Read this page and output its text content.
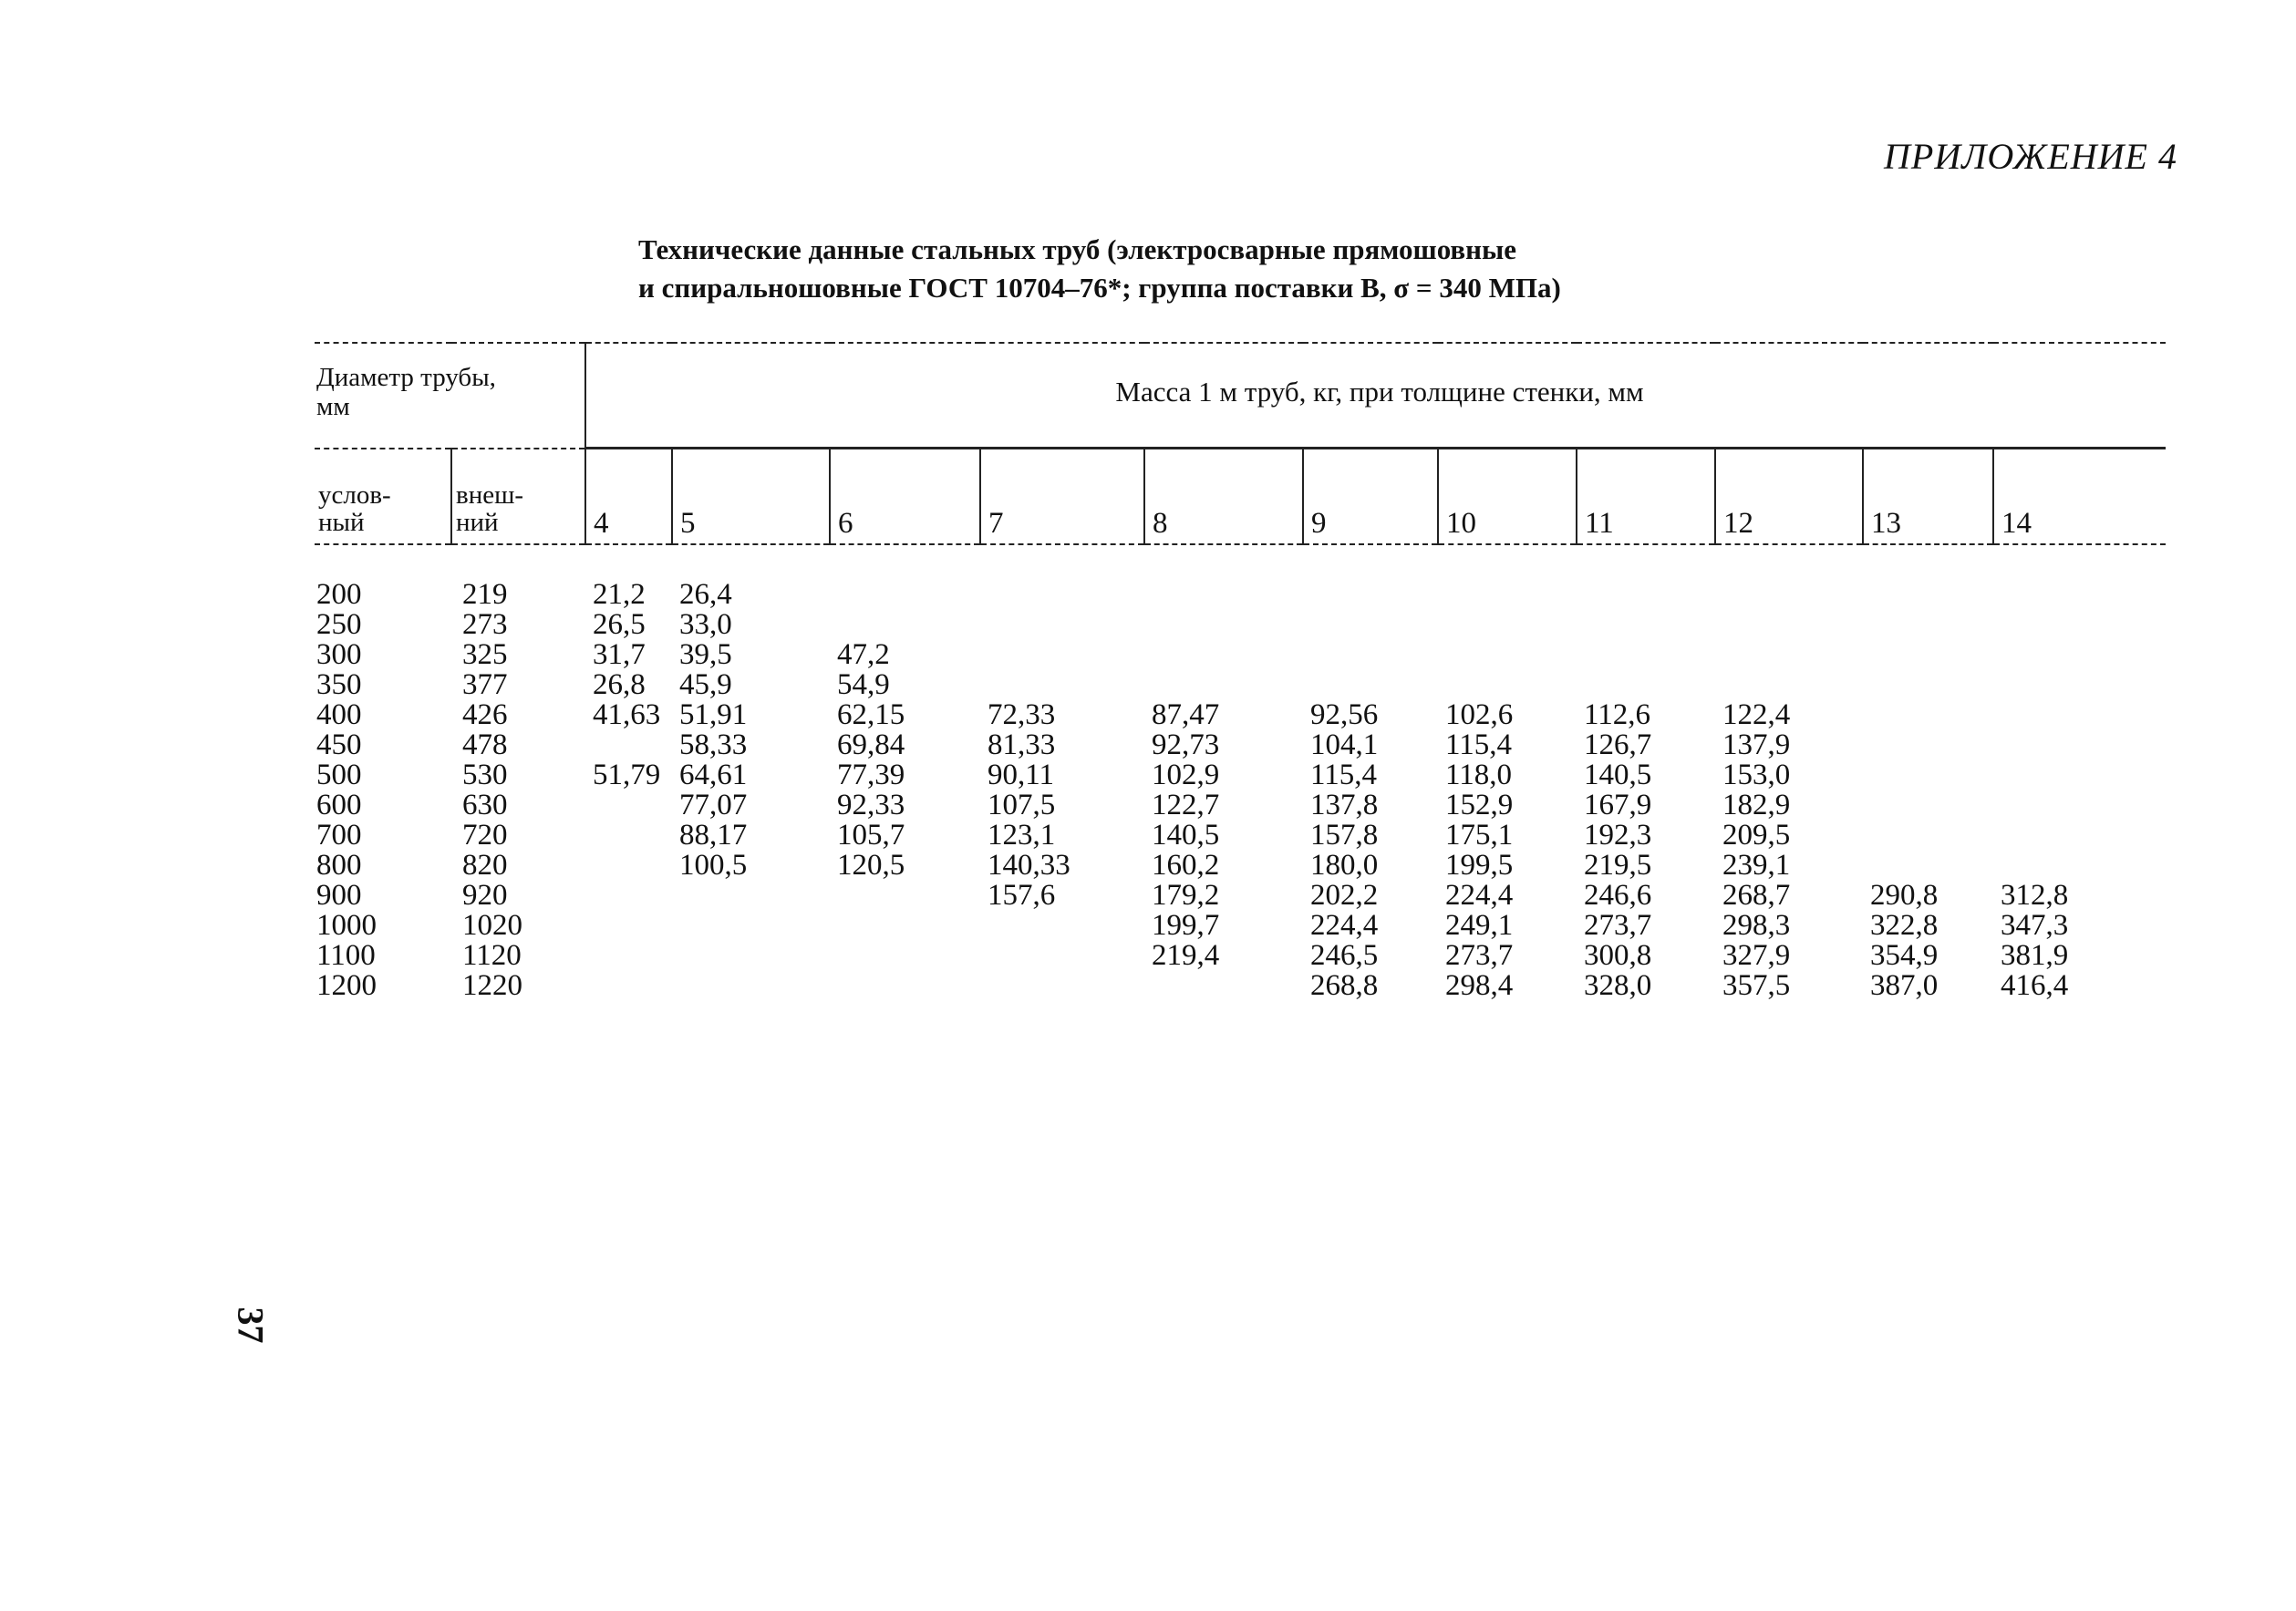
ПРИЛОЖЕНИЕ 4
Технические данные стальных труб (электросварные прямошовные
и спиральношовные ГОСТ 10704–76*; группа поставки В, σ = 340 МПа)
Диаметр трубы,
мм		Масса 1 м труб, кг, при толщине стенки, мм										
услов-
ный	внеш-
ний	4	5	6	7	8	9	10	11	12	13	14

200	219	21,2	26,4									
250	273	26,5	33,0									
300	325	31,7	39,5	47,2								
350	377	26,8	45,9	54,9								
400	426	41,63	51,91	62,15	72,33	87,47	92,56	102,6	112,6	122,4		
450	478		58,33	69,84	81,33	92,73	104,1	115,4	126,7	137,9		
500	530	51,79	64,61	77,39	90,11	102,9	115,4	118,0	140,5	153,0		
600	630		77,07	92,33	107,5	122,7	137,8	152,9	167,9	182,9		
700	720		88,17	105,7	123,1	140,5	157,8	175,1	192,3	209,5		
800	820		100,5	120,5	140,33	160,2	180,0	199,5	219,5	239,1		
900	920				157,6	179,2	202,2	224,4	246,6	268,7	290,8	312,8
1000	1020					199,7	224,4	249,1	273,7	298,3	322,8	347,3
1100	1120					219,4	246,5	273,7	300,8	327,9	354,9	381,9
1200	1220						268,8	298,4	328,0	357,5	387,0	416,4
37
